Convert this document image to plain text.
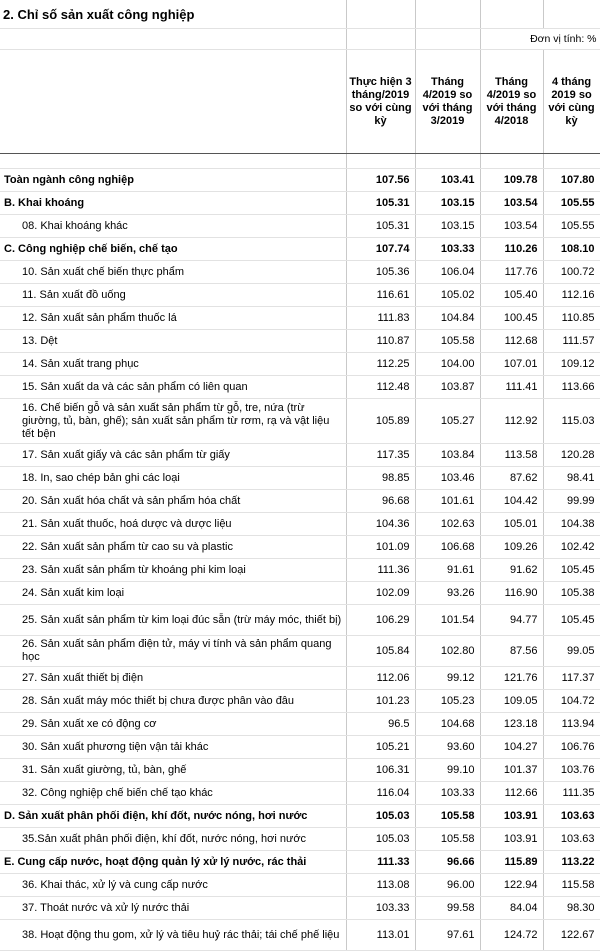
2. Chỉ số sản xuất công nghiệp				
			Đơn vị tính: %	
	Thực hiện 3 tháng/2019 so với cùng kỳ	Tháng 4/2019 so với tháng 3/2019	Tháng 4/2019 so với tháng 4/2018	4 tháng 2019 so với cùng kỳ

Toàn ngành công nghiệp	107.56	103.41	109.78	107.80
B. Khai khoáng	105.31	103.15	103.54	105.55
08. Khai khoáng khác	105.31	103.15	103.54	105.55
C. Công nghiệp chế biến, chế tạo	107.74	103.33	110.26	108.10
10. Sản xuất chế biến thực phẩm	105.36	106.04	117.76	100.72
11. Sản xuất đồ uống	116.61	105.02	105.40	112.16
12. Sản xuất sản phẩm thuốc lá	111.83	104.84	100.45	110.85
13. Dệt	110.87	105.58	112.68	111.57
14. Sản xuất trang phục	112.25	104.00	107.01	109.12
15. Sản xuất da và các sản phẩm có liên quan	112.48	103.87	111.41	113.66
16. Chế biến gỗ và sản xuất sản phẩm từ gỗ, tre, nứa (trừ giường, tủ, bàn, ghế); sản xuất sản phẩm từ rơm, rạ và vật liệu tết bện	105.89	105.27	112.92	115.03
17. Sản xuất giấy và các sản phẩm từ giấy	117.35	103.84	113.58	120.28
18. In, sao chép bản ghi các loại	98.85	103.46	87.62	98.41
20. Sản xuất hóa chất và sản phẩm hóa chất	96.68	101.61	104.42	99.99
21. Sản xuất thuốc, hoá dược và dược liệu	104.36	102.63	105.01	104.38
22. Sản xuất sản phẩm từ cao su và plastic	101.09	106.68	109.26	102.42
23. Sản xuất sản phẩm từ khoáng phi kim loại	111.36	91.61	91.62	105.45
24. Sản xuất kim loại	102.09	93.26	116.90	105.38
25. Sản xuất sản phẩm từ kim loại đúc sẵn (trừ máy móc, thiết bị)	106.29	101.54	94.77	105.45
26. Sản xuất sản phẩm điện tử, máy vi tính và sản phẩm quang học	105.84	102.80	87.56	99.05
27. Sản xuất thiết bị điện	112.06	99.12	121.76	117.37
28. Sản xuất máy móc thiết bị chưa được phân vào đâu	101.23	105.23	109.05	104.72
29. Sản xuất xe có động cơ	96.5	104.68	123.18	113.94
30. Sản xuất phương tiện vận tải khác	105.21	93.60	104.27	106.76
31. Sản xuất giường, tủ, bàn, ghế	106.31	99.10	101.37	103.76
32. Công nghiệp chế biến chế tạo khác	116.04	103.33	112.66	111.35
D. Sản xuất phân phối điện, khí đốt, nước nóng, hơi nước	105.03	105.58	103.91	103.63
35.Sản xuất phân phối điện, khí đốt, nước nóng, hơi nước	105.03	105.58	103.91	103.63
E. Cung cấp nước, hoạt động quản lý xử lý nước, rác thải	111.33	96.66	115.89	113.22
36. Khai thác, xử lý và cung cấp nước	113.08	96.00	122.94	115.58
37. Thoát nước và xử lý nước thải	103.33	99.58	84.04	98.30
38. Hoạt động thu gom, xử lý và tiêu huỷ rác thải; tái chế phế liệu	113.01	97.61	124.72	122.67
